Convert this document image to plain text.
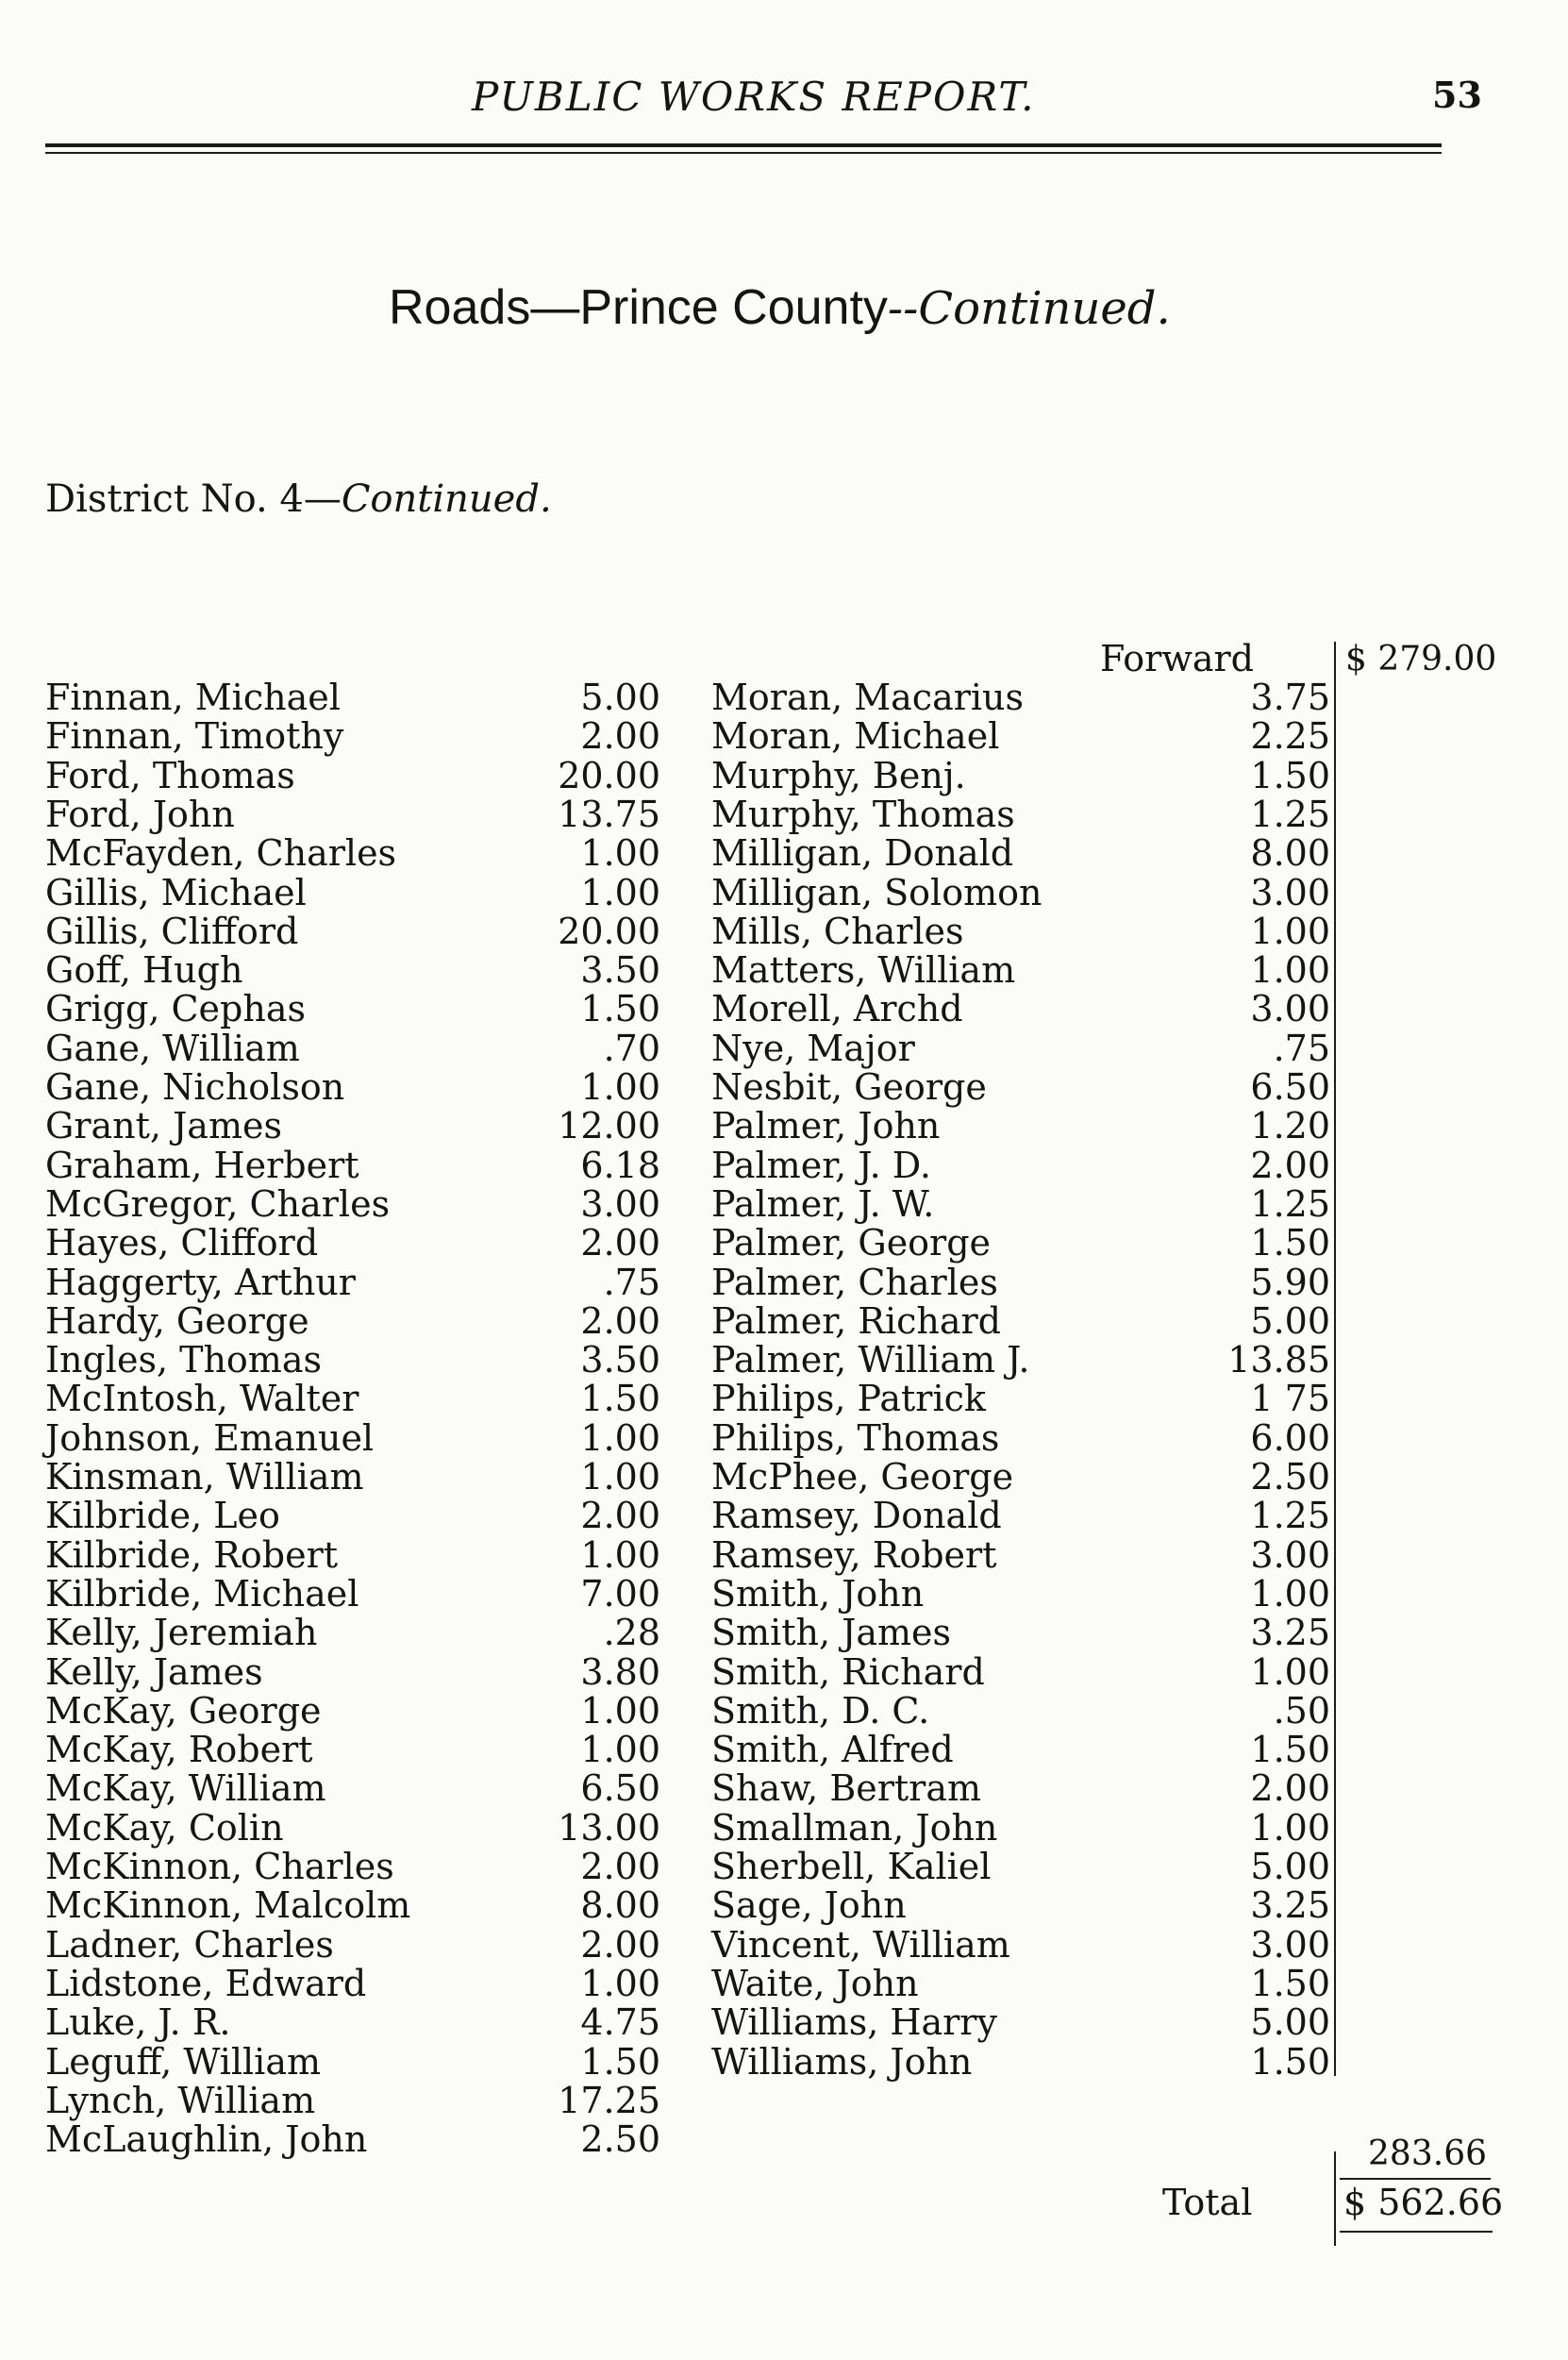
PUBLIC WORKS REPORT.	53
Roads—Prince County--Continued.
District No. 4—Continued.
Forward	$ 279.00
Finnan, Michael	5.00
Finnan, Timothy	2.00
Ford, Thomas	20.00
Ford, John	13.75
McFayden, Charles	1.00
Gillis, Michael	1.00
Gillis, Clifford	20.00
Goff, Hugh	3.50
Grigg, Cephas	1.50
Gane, William	.70
Gane, Nicholson	1.00
Grant, James	12.00
Graham, Herbert	6.18
McGregor, Charles	3.00
Hayes, Clifford	2.00
Haggerty, Arthur	.75
Hardy, George	2.00
Ingles, Thomas	3.50
McIntosh, Walter	1.50
Johnson, Emanuel	1.00
Kinsman, William	1.00
Kilbride, Leo	2.00
Kilbride, Robert	1.00
Kilbride, Michael	7.00
Kelly, Jeremiah	.28
Kelly, James	3.80
McKay, George	1.00
McKay, Robert	1.00
McKay, William	6.50
McKay, Colin	13.00
McKinnon, Charles	2.00
McKinnon, Malcolm	8.00
Ladner, Charles	2.00
Lidstone, Edward	1.00
Luke, J. R.	4.75
Leguff, William	1.50
Lynch, William	17.25
McLaughlin, John	2.50
Moran, Macarius	3.75
Moran, Michael	2.25
Murphy, Benj.	1.50
Murphy, Thomas	1.25
Milligan, Donald	8.00
Milligan, Solomon	3.00
Mills, Charles	1.00
Matters, William	1.00
Morell, Archd	3.00
Nye, Major	.75
Nesbit, George	6.50
Palmer, John	1.20
Palmer, J. D.	2.00
Palmer, J. W.	1.25
Palmer, George	1.50
Palmer, Charles	5.90
Palmer, Richard	5.00
Palmer, William J.	13.85
Philips, Patrick	1 75
Philips, Thomas	6.00
McPhee, George	2.50
Ramsey, Donald	1.25
Ramsey, Robert	3.00
Smith, John	1.00
Smith, James	3.25
Smith, Richard	1.00
Smith, D. C.	.50
Smith, Alfred	1.50
Shaw, Bertram	2.00
Smallman, John	1.00
Sherbell, Kaliel	5.00
Sage, John	3.25
Vincent, William	3.00
Waite, John	1.50
Williams, Harry	5.00
Williams, John	1.50
283.66
Total	$ 562.66
